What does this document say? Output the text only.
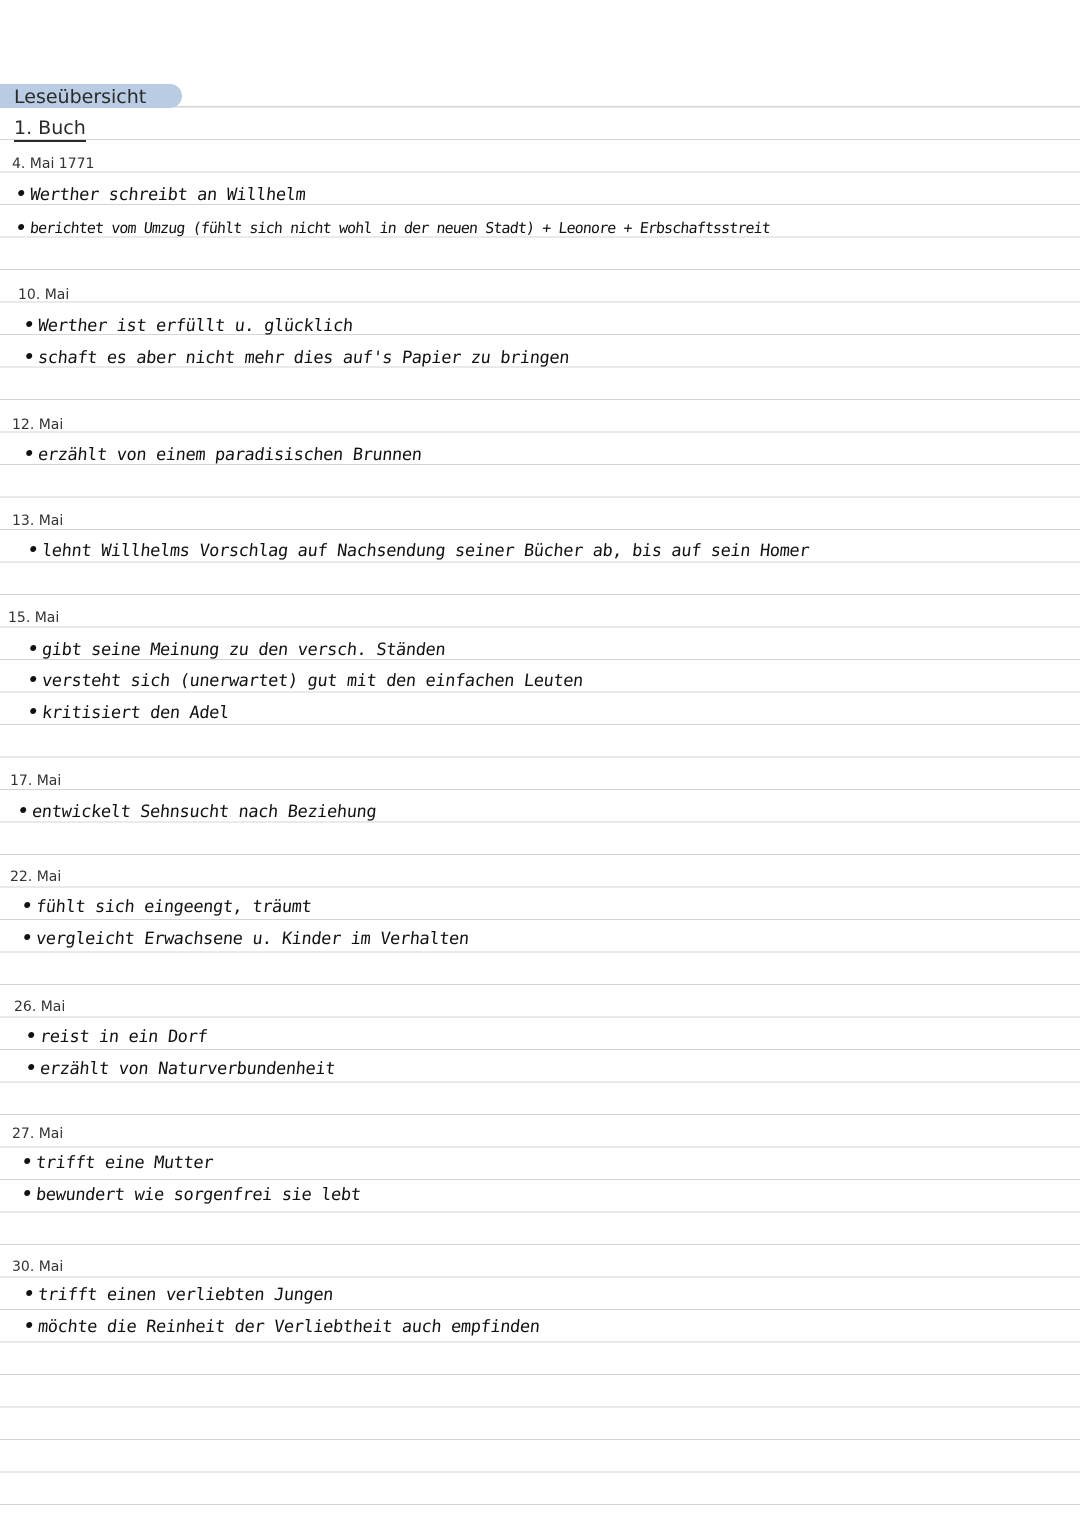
Leseübersicht
1. Buch
4. Mai 1771
Werther schreibt an Willhelm
berichtet vom Umzug (fühlt sich nicht wohl in der neuen Stadt) + Leonore + Erbschaftsstreit
10. Mai
Werther ist erfüllt u. glücklich
schaft es aber nicht mehr dies auf's Papier zu bringen
12. Mai
erzählt von einem paradisischen Brunnen
13. Mai
lehnt Willhelms Vorschlag auf Nachsendung seiner Bücher ab, bis auf sein Homer
15. Mai
gibt seine Meinung zu den versch. Ständen
versteht sich (unerwartet) gut mit den einfachen Leuten
kritisiert den Adel
17. Mai
entwickelt Sehnsucht nach Beziehung
22. Mai
fühlt sich eingeengt, träumt
vergleicht Erwachsene u. Kinder im Verhalten
26. Mai
reist in ein Dorf
erzählt von Naturverbundenheit
27. Mai
trifft eine Mutter
bewundert wie sorgenfrei sie lebt
30. Mai
trifft einen verliebten Jungen
möchte die Reinheit der Verliebtheit auch empfinden
